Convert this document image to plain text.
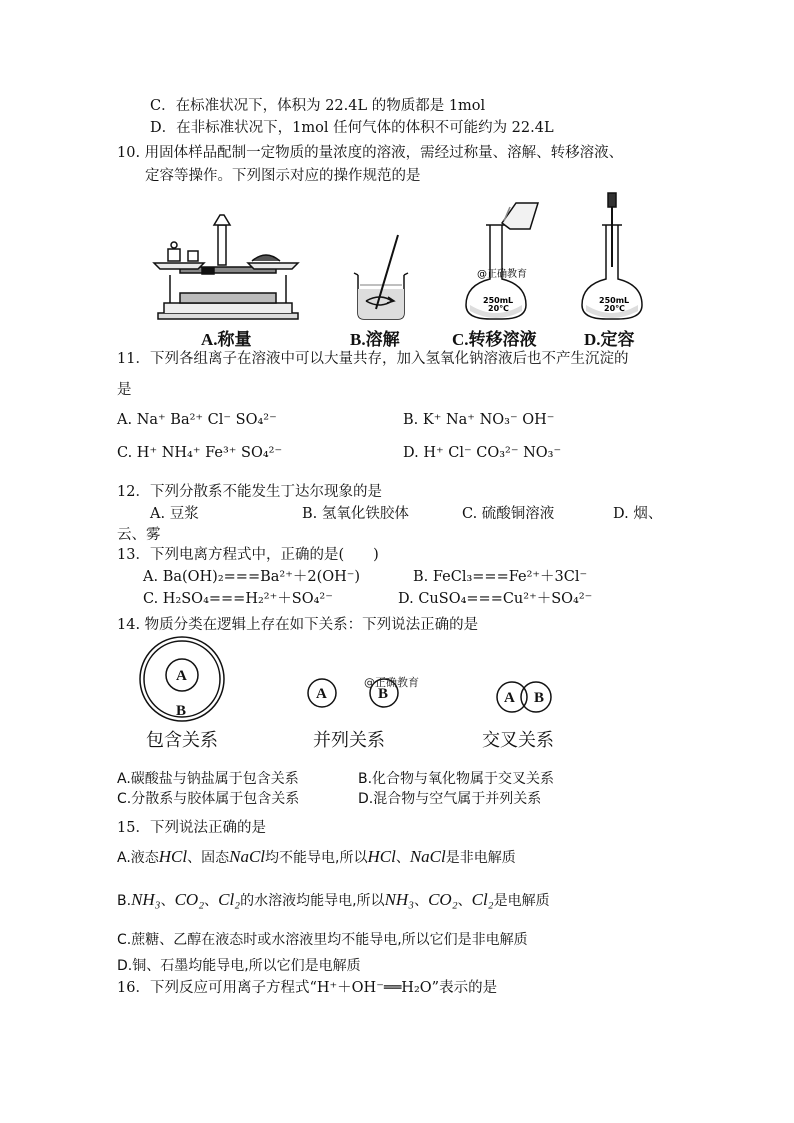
C．在标准状况下，体积为 22.4L 的物质都是 1mol
D．在非标准状况下，1mol 任何气体的体积不可能约为 22.4L
10. 用固体样品配制一定物质的量浓度的溶液，需经过称量、溶解、转移溶液、
定容等操作。下列图示对应的操作规范的是
@正确教育
250mL
20℃
250mL
20℃
A.称量	B.溶解	C.转移溶液	D.定容
11．下列各组离子在溶液中可以大量共存，加入氢氧化钠溶液后也不产生沉淀的
是
A. Na⁺ Ba²⁺ Cl⁻ SO₄²⁻	B. K⁺ Na⁺ NO₃⁻ OH⁻
C. H⁺ NH₄⁺ Fe³⁺ SO₄²⁻	D. H⁺ Cl⁻ CO₃²⁻ NO₃⁻
12．下列分散系不能发生丁达尔现象的是
A. 豆浆	B. 氢氧化铁胶体	C. 硫酸铜溶液	D. 烟、
云、雾
13．下列电离方程式中，正确的是(　　)
A. Ba(OH)₂===Ba²⁺＋2(OH⁻)	B. FeCl₃===Fe²⁺＋3Cl⁻
C. H₂SO₄===H₂²⁺＋SO₄²⁻	D. CuSO₄===Cu²⁺＋SO₄²⁻
14. 物质分类在逻辑上存在如下关系：下列说法正确的是
A
B
A	B	A B
@正确教育
包含关系	并列关系	交叉关系
A.碳酸盐与钠盐属于包含关系	B.化合物与氧化物属于交叉关系
C.分散系与胶体属于包含关系	D.混合物与空气属于并列关系
15．下列说法正确的是
A.液态HCl、固态NaCl均不能导电,所以HCl、NaCl是非电解质
B.NH₃、CO₂、Cl₂的水溶液均能导电,所以NH₃、CO₂、Cl₂是电解质
C.蔗糖、乙醇在液态时或水溶液里均不能导电,所以它们是非电解质
D.铜、石墨均能导电,所以它们是电解质
16．下列反应可用离子方程式“H⁺＋OH⁻══H₂O”表示的是
